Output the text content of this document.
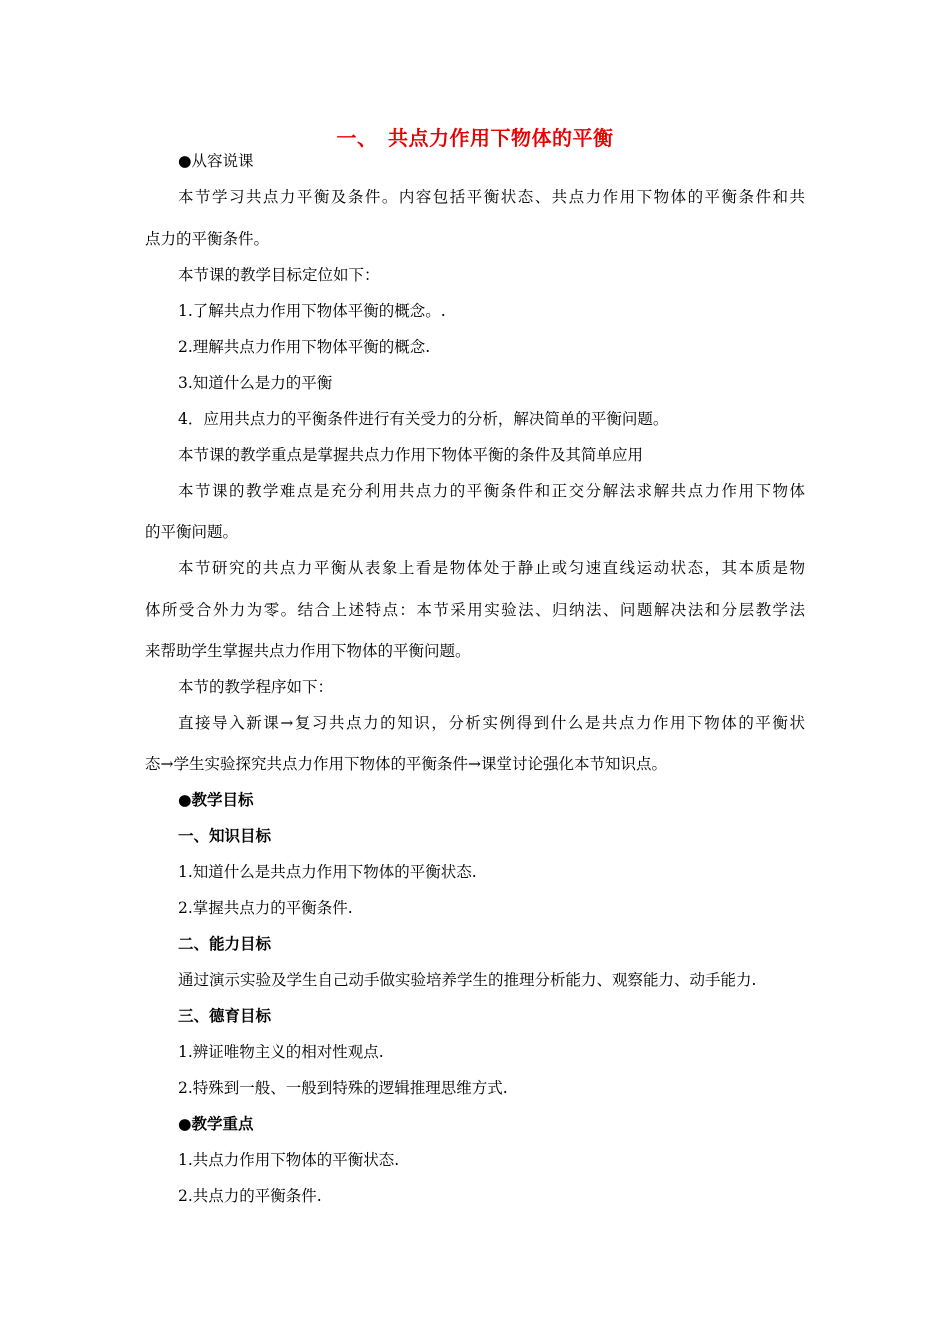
一、　共点力作用下物体的平衡
●从容说课
本节学习共点力平衡及条件。内容包括平衡状态、共点力作用下物体的平衡条件和共
点力的平衡条件。
本节课的教学目标定位如下：
1.了解共点力作用下物体平衡的概念。.
2.理解共点力作用下物体平衡的概念.
3.知道什么是力的平衡
4．应用共点力的平衡条件进行有关受力的分析，解决简单的平衡问题。
本节课的教学重点是掌握共点力作用下物体平衡的条件及其简单应用
本节课的教学难点是充分利用共点力的平衡条件和正交分解法求解共点力作用下物体
的平衡问题。
本节研究的共点力平衡从表象上看是物体处于静止或匀速直线运动状态，其本质是物
体所受合外力为零。结合上述特点：本节采用实验法、归纳法、问题解决法和分层教学法
来帮助学生掌握共点力作用下物体的平衡问题。
本节的教学程序如下：
直接导入新课→复习共点力的知识，分析实例得到什么是共点力作用下物体的平衡状
态→学生实验探究共点力作用下物体的平衡条件→课堂讨论强化本节知识点。
●教学目标
一、知识目标
1.知道什么是共点力作用下物体的平衡状态.
2.掌握共点力的平衡条件.
二、能力目标
通过演示实验及学生自己动手做实验培养学生的推理分析能力、观察能力、动手能力.
三、德育目标
1.辨证唯物主义的相对性观点.
2.特殊到一般、一般到特殊的逻辑推理思维方式.
●教学重点
1.共点力作用下物体的平衡状态.
2.共点力的平衡条件.
